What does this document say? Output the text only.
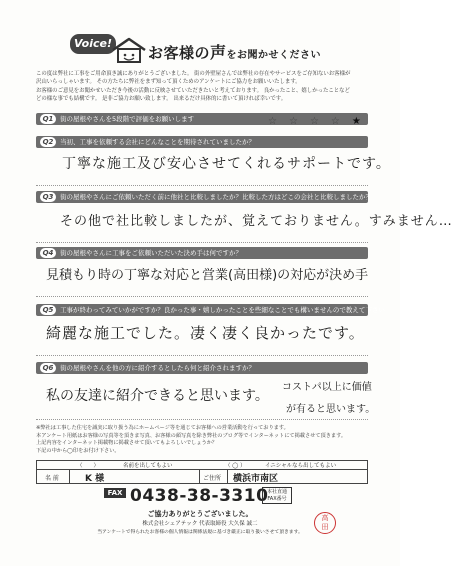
Voice!
お客様の声をお聞かせください
この度は弊社に工事をご用命頂き誠にありがとうございました。 街の外壁屋さんでは弊社の存在やサービスをご存知ないお客様が
沢山いらっしゃいます。 その方たちに弊社をまず知って頂くためのアンケートにご協力をお願いいたします。
お客様のご意見をお聞かせいただき今後の活動に反映させていただきたいと考えております。 良かったこと、嬉しかったことなど
どの様な事でも結構です。 是非ご協力お願い致します。 出来るだけ具体的に書いて頂ければ幸いです。
Q1	街の屋根やさんを5段階で評価をお願いします	☆☆☆☆★
Q2	当初、工事を依頼する会社にどんなことを期待されていましたか？
丁寧な施工及び安心させてくれるサポートです。
Q3	街の屋根やさんにご依頼いただく前に他社と比較しましたか？比較した方はどこの会社と比較しましたか？
その他で社比較しましたが、覚えておりません。すみません…
Q4	街の屋根やさんに工事をご依頼いただいた決め手は何ですか？
見積もり時の丁寧な対応と営業(高田様)の対応が決め手
Q5	工事が終わってみていかがですか？良かった事・嬉しかったことを些細なことでも構いませんので教えて下さい
綺麗な施工でした。凄く凄く良かったです。
Q6	街の屋根やさんを他の方に紹介するとしたら何と紹介されますか？
私の友達に紹介できると思います。
コストパ以上に価値
が有ると思います。
※弊社は工事した住宅を誠実に取り扱う為にホームページ等を通じてお客様への営業活動を行っております。
本アンケート用紙はお客様の写真等を頂きま写真、お客様の顔写真を除き弊社のブログ等でインターネットにて掲載させて頂きます。
上記内容をインターネット掲載物に掲載させて頂いてもよろしいでしょうか？
下記の中から◯印をお付け下さい。
（　　）	名前を出してもよい	（ ◯ ）	イニシャルなら出してもよい
名 前	K 様	ご住所 横浜市南区
FAX 0438-38-3310
本社直通 FAX番号
ご協力ありがとうございました。
株式会社シェアテック 代表取締役 大久保 誠二
当アンケートで得られたお客様の個人情報は関係法規に基づき厳正に取り扱いさせて頂きます。
高
田
